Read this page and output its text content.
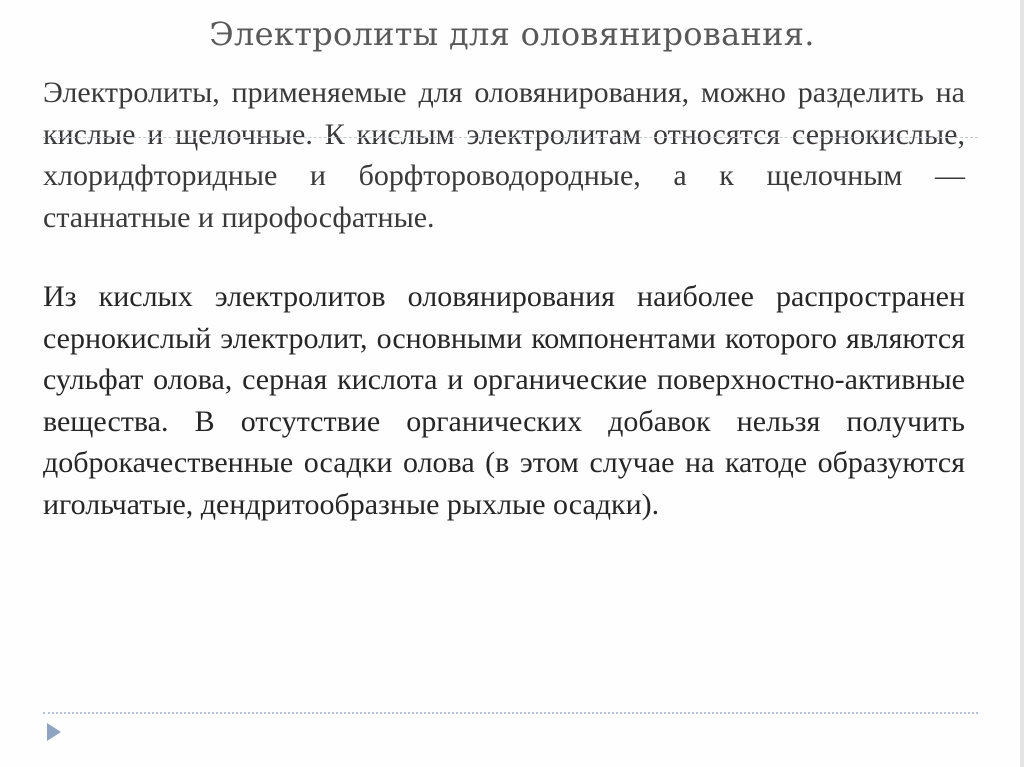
Электролиты для оловянирования.

Электролиты, применяемые для оловянирования, можно разделить на кислые и щелочные. К кислым электролитам относятся сернокислые, хлоридфторидные и борфтороводородные, а к щелочным — станнатные и пирофосфатные.

Из кислых электролитов оловянирования наиболее распространен сернокислый электролит, основными компонентами которого являются сульфат олова, серная кислота и органические поверхностно-активные вещества. В отсутствие органических добавок нельзя получить доброкачественные осадки олова (в этом случае на катоде образуются игольчатые, дендритообразные рыхлые осадки).
